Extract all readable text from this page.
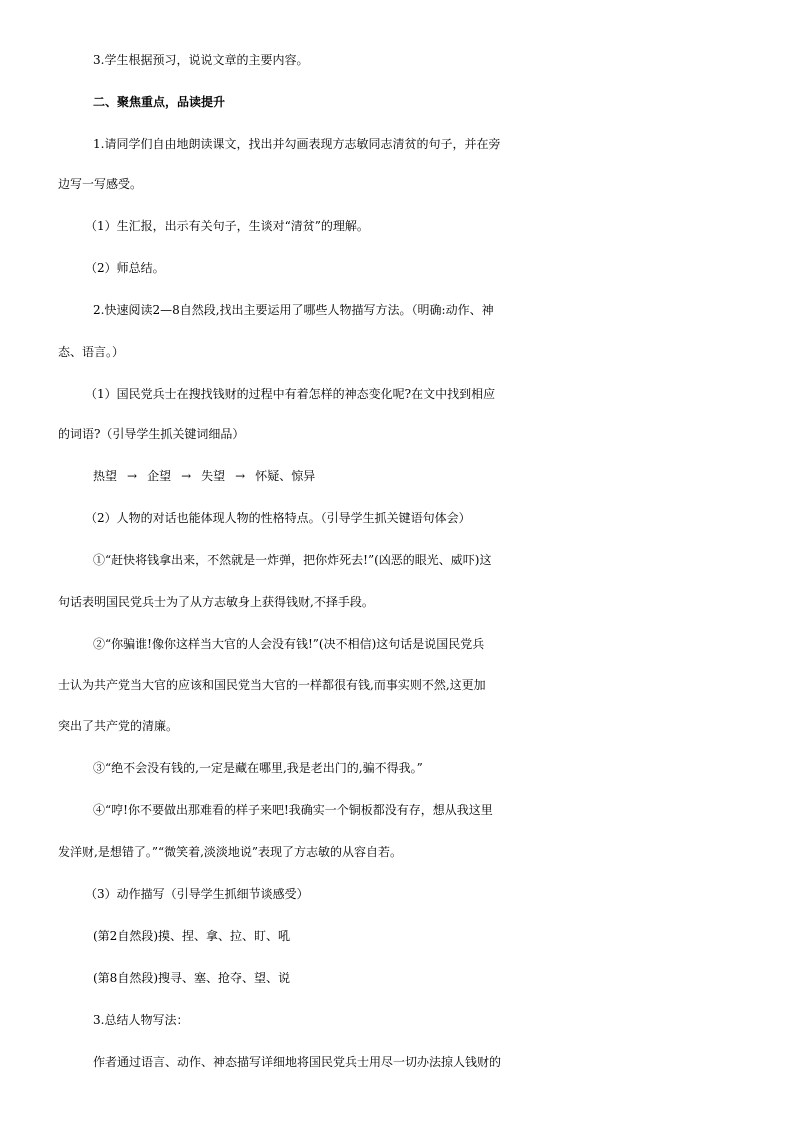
3.学生根据预习，说说文章的主要内容。
二、聚焦重点，品读提升
1.请同学们自由地朗读课文，找出并勾画表现方志敏同志清贫的句子，并在旁
边写一写感受。
（1）生汇报，出示有关句子，生谈对“清贫”的理解。
（2）师总结。
2.快速阅读2—8自然段,找出主要运用了哪些人物描写方法。（明确:动作、神
态、语言。）
（1）国民党兵士在搜找钱财的过程中有着怎样的神态变化呢?在文中找到相应
的词语?（引导学生抓关键词细品）
热望 → 企望 → 失望 → 怀疑、惊异
（2）人物的对话也能体现人物的性格特点。（引导学生抓关键语句体会）
①“赶快将钱拿出来，不然就是一炸弹，把你炸死去!”(凶恶的眼光、威吓)这
句话表明国民党兵士为了从方志敏身上获得钱财,不择手段。
②“你骗谁!像你这样当大官的人会没有钱!”(决不相信)这句话是说国民党兵
士认为共产党当大官的应该和国民党当大官的一样都很有钱,而事实则不然,这更加
突出了共产党的清廉。
③“绝不会没有钱的,一定是藏在哪里,我是老出门的,骗不得我。”
④“哼!你不要做出那难看的样子来吧!我确实一个铜板都没有存，想从我这里
发洋财,是想错了。”“微笑着,淡淡地说”表现了方志敏的从容自若。
（3）动作描写（引导学生抓细节谈感受）
(第2自然段)摸、捏、拿、拉、盯、吼
(第8自然段)搜寻、塞、抢夺、望、说
3.总结人物写法：
作者通过语言、动作、神态描写详细地将国民党兵士用尽一切办法掠人钱财的
